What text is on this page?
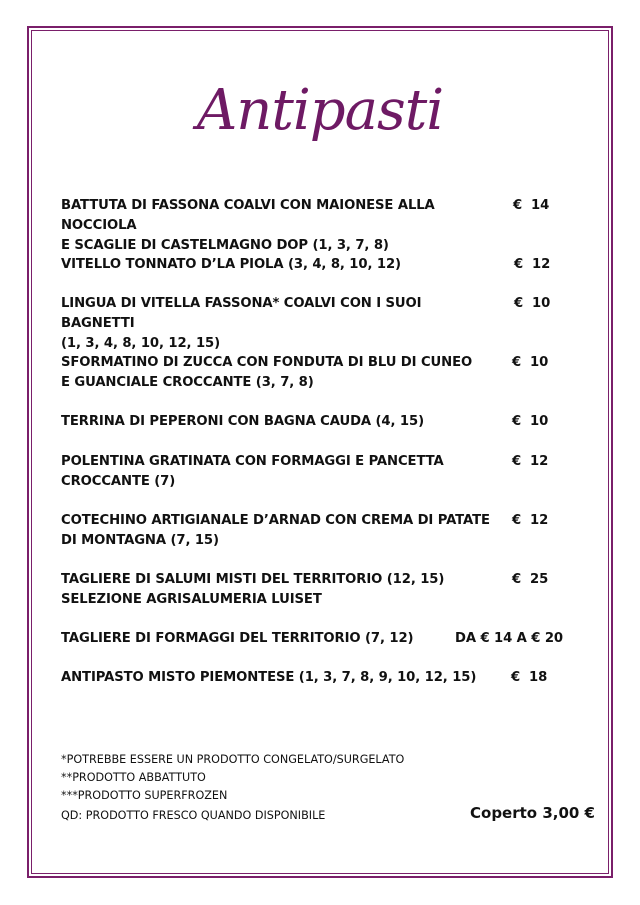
Antipasti
BATTUTA DI FASSONA COALVI CON MAIONESE ALLA NOCCIOLA
E SCAGLIE DI CASTELMAGNO DOP (1, 3, 7, 8)
€  14
VITELLO TONNATO D’LA PIOLA (3, 4, 8, 10, 12)	€  12
LINGUA DI VITELLA FASSONA* COALVI CON I SUOI BAGNETTI
(1, 3, 4, 8, 10, 12, 15)
€  10
SFORMATINO DI ZUCCA CON FONDUTA DI BLU DI CUNEO
E GUANCIALE CROCCANTE (3, 7, 8)
€  10
TERRINA DI PEPERONI CON BAGNA CAUDA (4, 15)	€  10
POLENTINA GRATINATA CON FORMAGGI E PANCETTA
CROCCANTE (7)
€  12
COTECHINO ARTIGIANALE D’ARNAD CON CREMA DI PATATE
DI MONTAGNA (7, 15)
€  12
TAGLIERE DI SALUMI MISTI DEL TERRITORIO (12, 15)
SELEZIONE AGRISALUMERIA LUISET
€  25
TAGLIERE DI FORMAGGI DEL TERRITORIO (7, 12)	DA € 14 A € 20
ANTIPASTO MISTO PIEMONTESE (1, 3, 7, 8, 9, 10, 12, 15)	€  18
*POTREBBE ESSERE UN PRODOTTO CONGELATO/SURGELATO
**PRODOTTO ABBATTUTO
***PRODOTTO SUPERFROZEN
QD: PRODOTTO FRESCO QUANDO DISPONIBILE	Coperto 3,00 €
